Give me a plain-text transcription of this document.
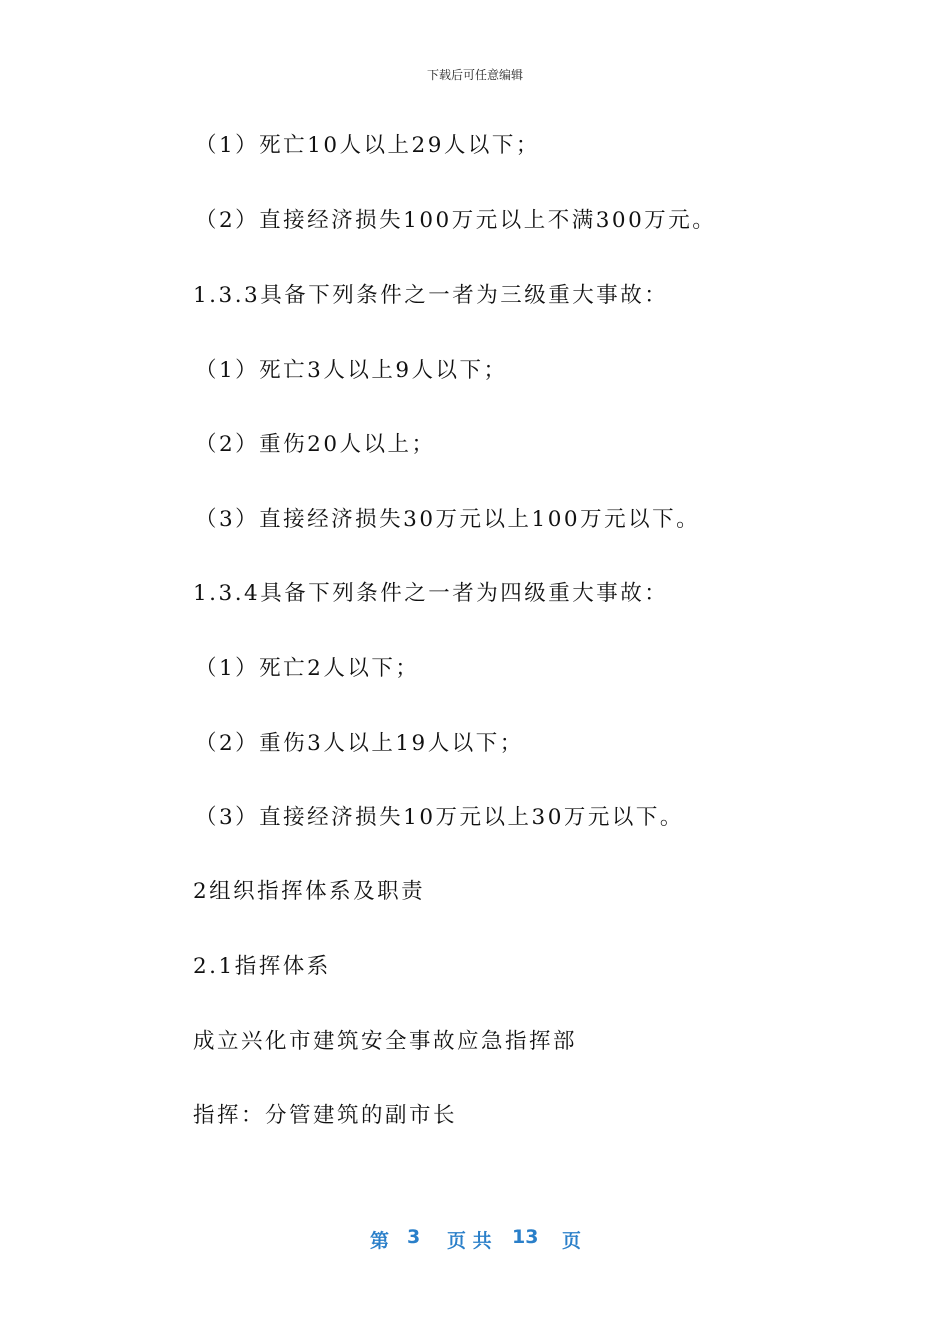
下载后可任意编辑
（1）死亡10人以上29人以下；
（2）直接经济损失100万元以上不满300万元。
1.3.3具备下列条件之一者为三级重大事故：
（1）死亡3人以上9人以下；
（2）重伤20人以上；
（3）直接经济损失30万元以上100万元以下。
1.3.4具备下列条件之一者为四级重大事故：
（1）死亡2人以下；
（2）重伤3人以上19人以下；
（3）直接经济损失10万元以上30万元以下。
2组织指挥体系及职责
2.1指挥体系
成立兴化市建筑安全事故应急指挥部
指挥：分管建筑的副市长
第 3 页 共 13 页
